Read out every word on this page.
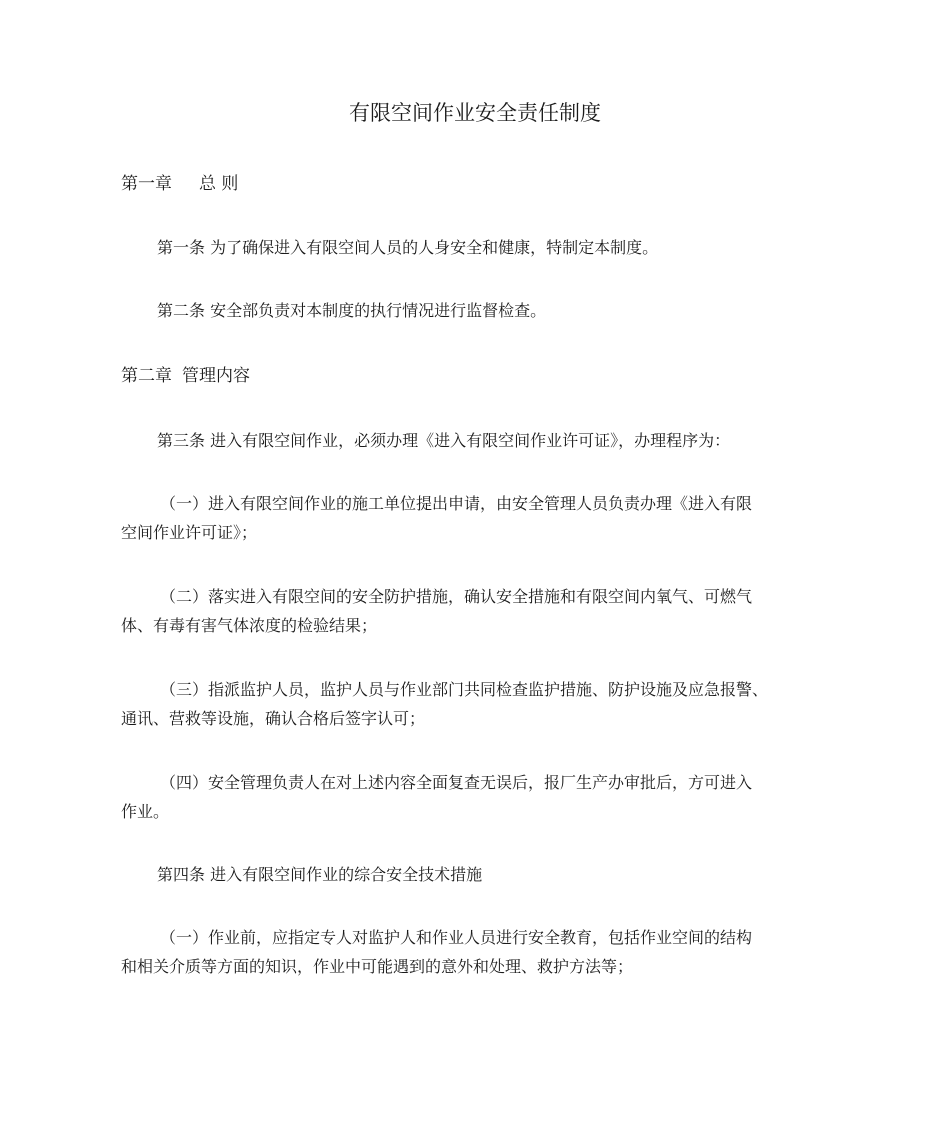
有限空间作业安全责任制度
第一章 总 则
第一条 为了确保进入有限空间人员的人身安全和健康，特制定本制度。
第二条 安全部负责对本制度的执行情况进行监督检查。
第二章 管理内容
第三条 进入有限空间作业，必须办理《进入有限空间作业许可证》，办理程序为：
（一）进入有限空间作业的施工单位提出申请，由安全管理人员负责办理《进入有限
空间作业许可证》；
（二）落实进入有限空间的安全防护措施，确认安全措施和有限空间内氧气、可燃气
体、有毒有害气体浓度的检验结果；
（三）指派监护人员，监护人员与作业部门共同检查监护措施、防护设施及应急报警、
通讯、营救等设施，确认合格后签字认可；
（四）安全管理负责人在对上述内容全面复查无误后，报厂生产办审批后，方可进入
作业。
第四条 进入有限空间作业的综合安全技术措施
（一）作业前，应指定专人对监护人和作业人员进行安全教育，包括作业空间的结构
和相关介质等方面的知识，作业中可能遇到的意外和处理、救护方法等；
